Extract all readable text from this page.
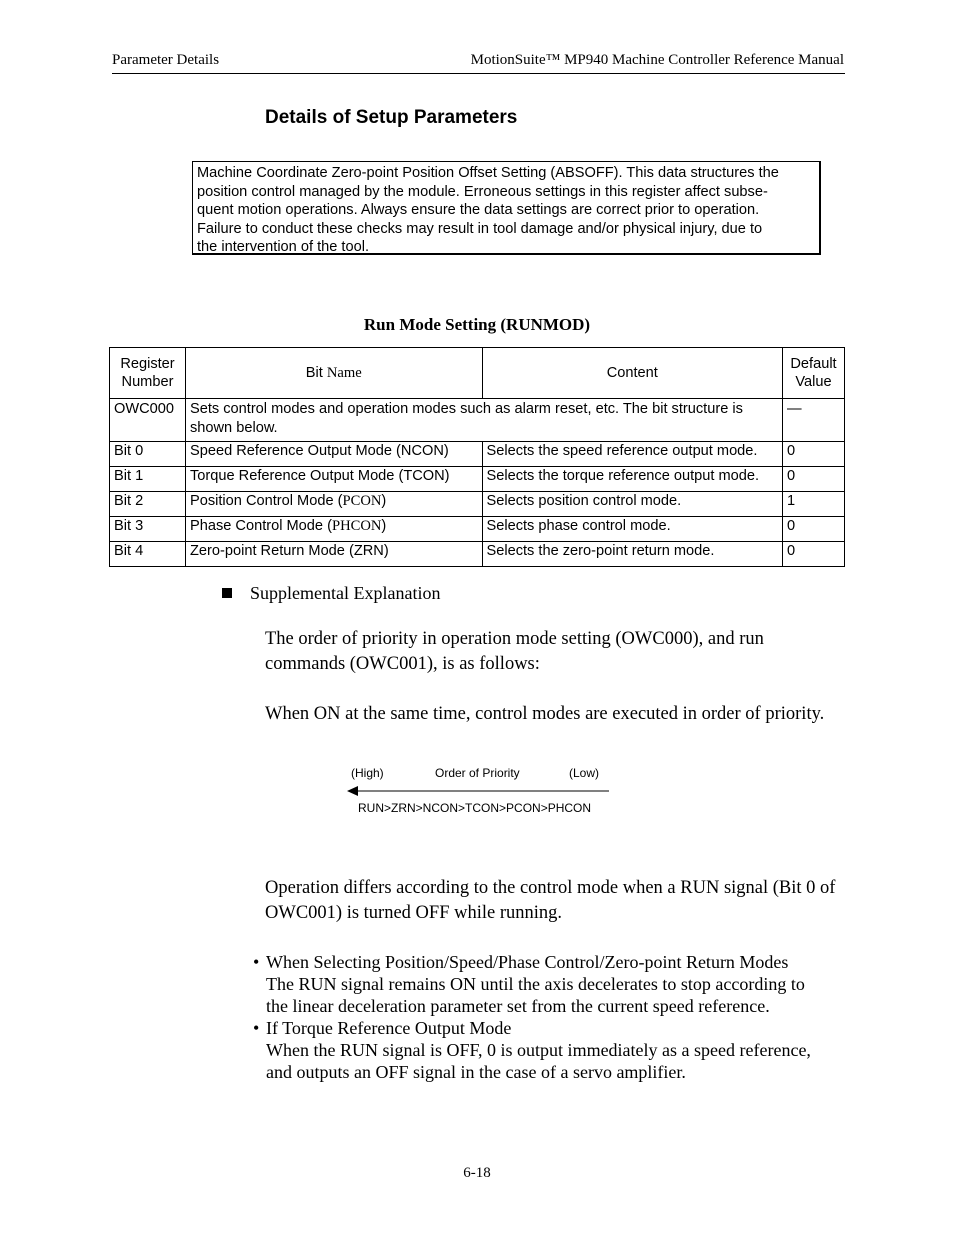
Parameter Details	MotionSuite™ MP940 Machine Controller Reference Manual
Details of Setup Parameters
Machine Coordinate Zero-point Position Offset Setting (ABSOFF). This data structures the
position control managed by the module. Erroneous settings in this register affect subse-
quent motion operations. Always ensure the data settings are correct prior to operation.
Failure to conduct these checks may result in tool damage and/or physical injury, due to
the intervention of the tool.
Run Mode Setting (RUNMOD)
Register
Number	Bit Name	Content	Default
Value
OWC000	Sets control modes and operation modes such as alarm reset, etc. The bit structure is shown below.		—
Bit 0	Speed Reference Output Mode (NCON)	Selects the speed reference output mode.	0
Bit 1	Torque Reference Output Mode (TCON)	Selects the torque reference output mode.	0
Bit 2	Position Control Mode (PCON)	Selects position control mode.	1
Bit 3	Phase Control Mode (PHCON)	Selects phase control mode.	0
Bit 4	Zero-point Return Mode (ZRN)	Selects the zero-point return mode.	0
Supplemental Explanation
The order of priority in operation mode setting (OWC000), and run
commands (OWC001), is as follows:
When ON at the same time, control modes are executed in order of priority.
(High)	Order of Priority	(Low)
RUN>ZRN>NCON>TCON>PCON>PHCON
Operation differs according to the control mode when a RUN signal (Bit 0 of
OWC001) is turned OFF while running.
• When Selecting Position/Speed/Phase Control/Zero-point Return Modes
The RUN signal remains ON until the axis decelerates to stop according to
the linear deceleration parameter set from the current speed reference.
• If Torque Reference Output Mode
When the RUN signal is OFF, 0 is output immediately as a speed reference,
and outputs an OFF signal in the case of a servo amplifier.
6-18
